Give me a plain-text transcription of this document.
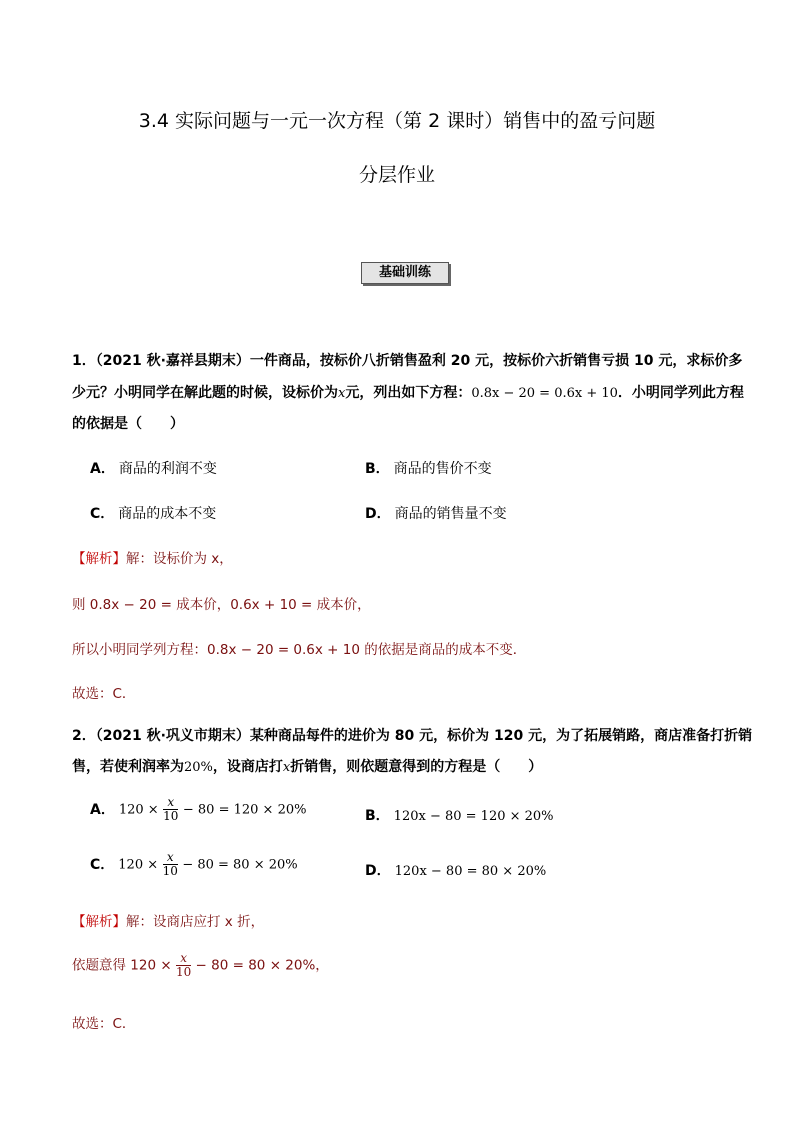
3.4 实际问题与一元一次方程（第 2 课时）销售中的盈亏问题
分层作业
基础训练
1．（2021 秋·嘉祥县期末）一件商品，按标价八折销售盈利 20 元，按标价六折销售亏损 10 元，求标价多
少元？小明同学在解此题的时候，设标价为x元，列出如下方程：0.8x − 20 = 0.6x + 10．小明同学列此方程
的依据是（　　）
A． 商品的利润不变	B． 商品的售价不变
C． 商品的成本不变	D． 商品的销售量不变
【解析】解：设标价为 x，
则 0.8x − 20 = 成本价，0.6x + 10 = 成本价，
所以小明同学列方程：0.8x − 20 = 0.6x + 10 的依据是商品的成本不变．
故选：C．
2．（2021 秋·巩义市期末）某种商品每件的进价为 80 元，标价为 120 元，为了拓展销路，商店准备打折销
售，若使利润率为20%，设商店打x折销售，则依题意得到的方程是（　　）
A． $120 \times \frac{x}{10} - 80 = 120 \times 20\%$	B． 120x − 80 = 120 × 20%
C． $120 \times \frac{x}{10} - 80 = 80 \times 20\%$	D． 120x − 80 = 80 × 20%
【解析】解：设商店应打 x 折，
依题意得 $120 \times \frac{x}{10} - 80 = 80 \times 20\%$，
故选：C．
